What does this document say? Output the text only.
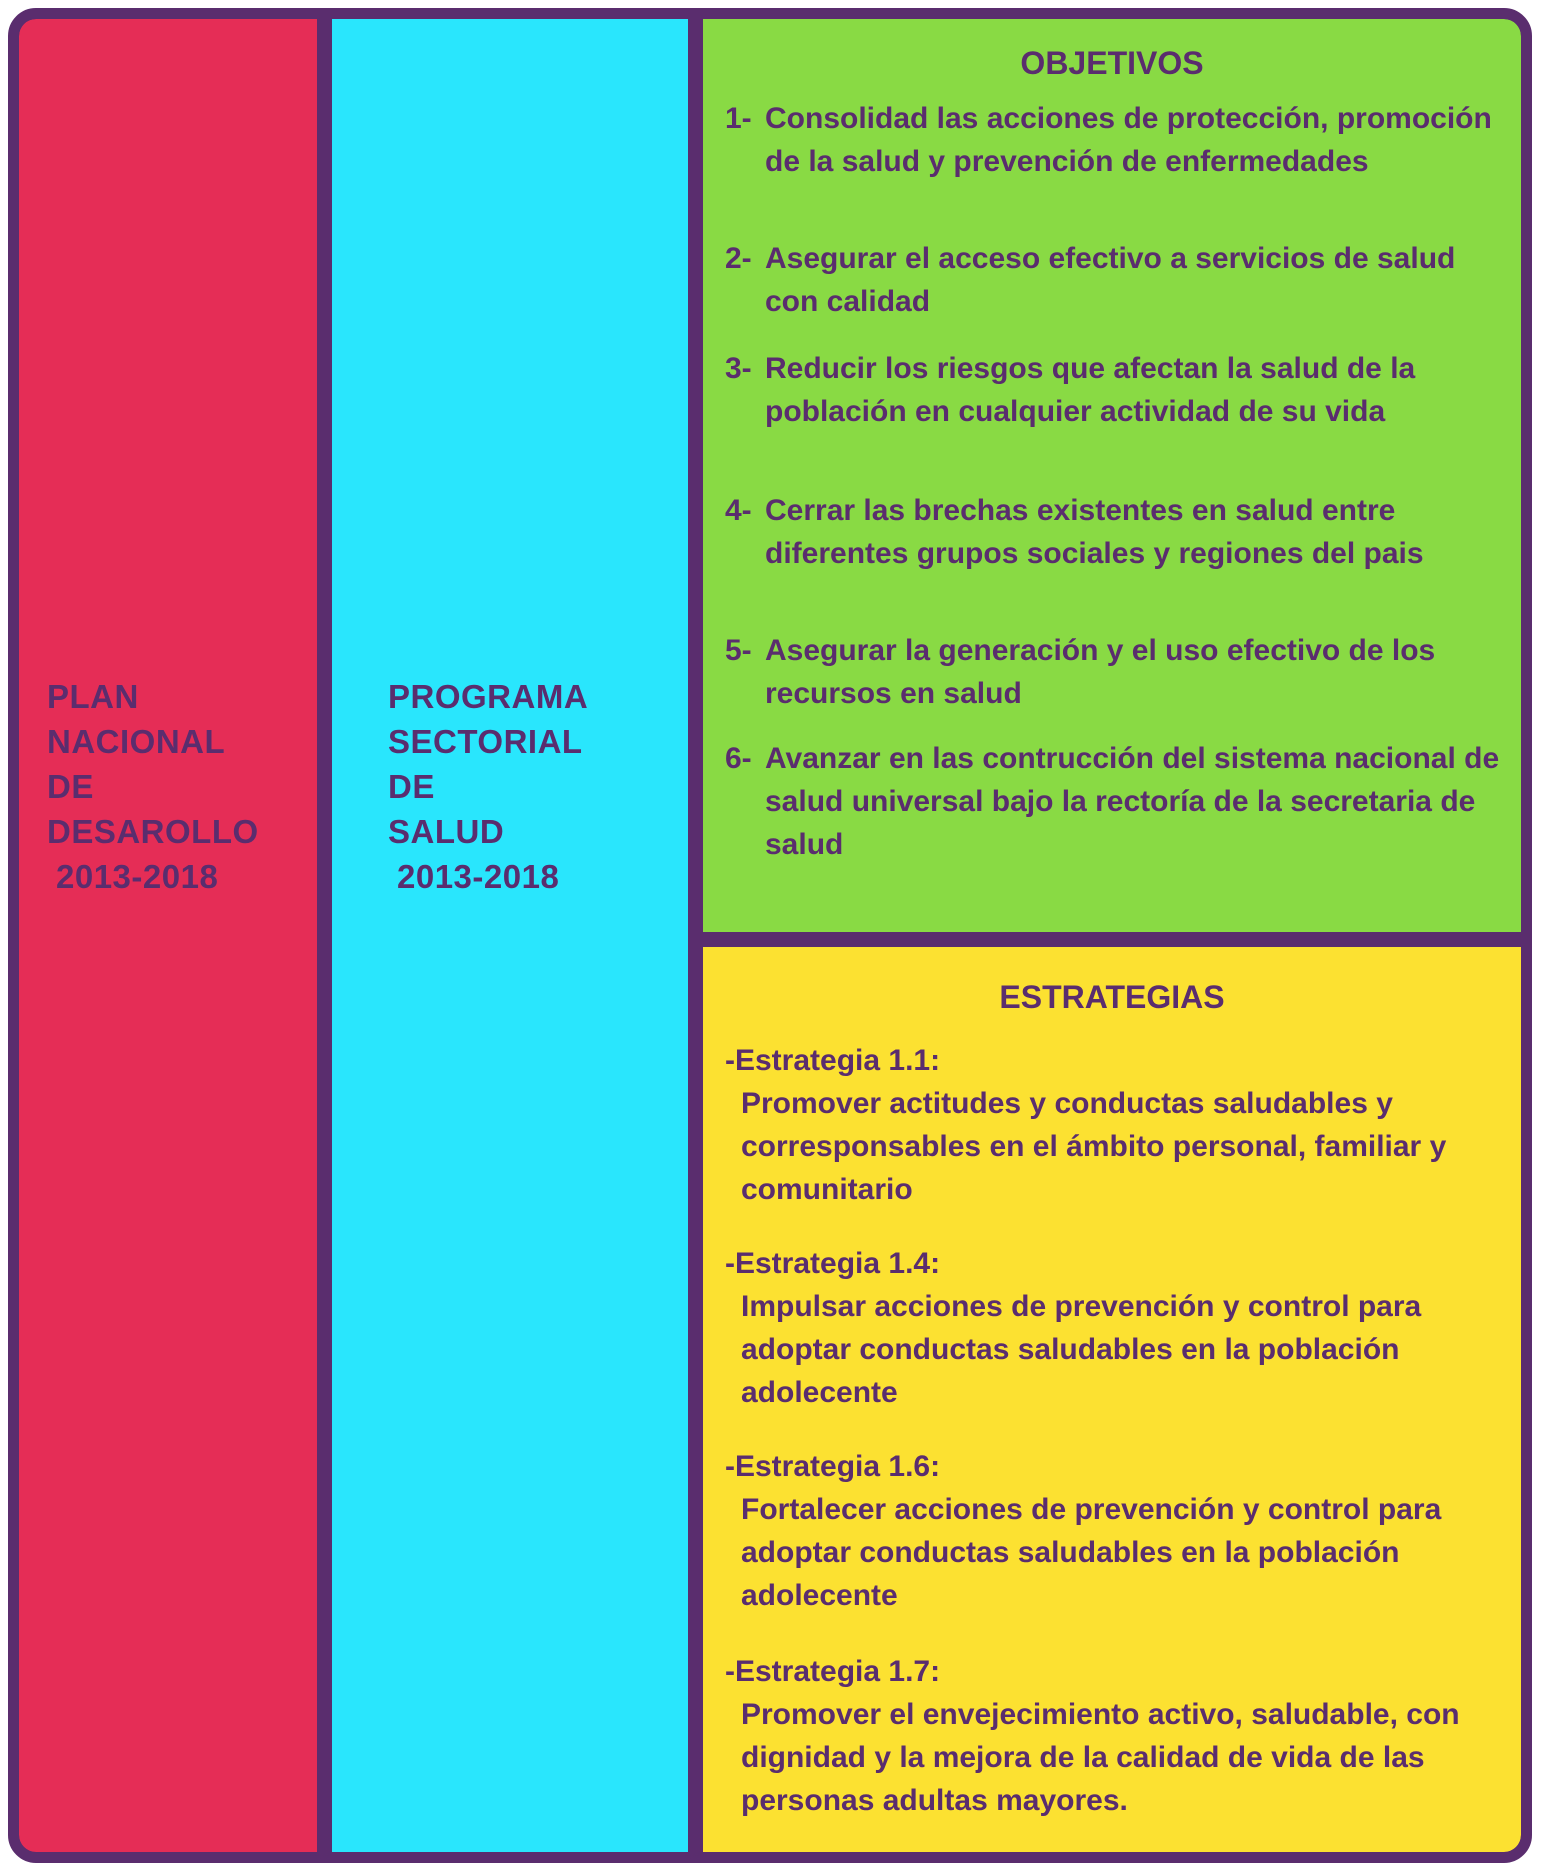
PLAN
NACIONAL
DE
DESAROLLO
2013-2018
PROGRAMA
SECTORIAL
DE
SALUD
2013-2018
OBJETIVOS
1- Consolidad las acciones de protección, promoción de la salud y prevención de enfermedades
2- Asegurar el acceso efectivo a servicios de salud con calidad
3- Reducir los riesgos que afectan la salud de la población en cualquier actividad de su vida
4- Cerrar las brechas existentes en salud entre diferentes grupos sociales y regiones del pais
5- Asegurar la generación y el uso efectivo de los recursos en salud
6- Avanzar en las contrucción del sistema nacional de salud universal bajo la rectoría de la secretaria de salud
ESTRATEGIAS
-Estrategia 1.1:
Promover actitudes y conductas saludables y corresponsables en el ámbito personal, familiar y comunitario
-Estrategia 1.4:
Impulsar acciones de prevención y control para adoptar conductas saludables en la población adolecente
-Estrategia 1.6:
Fortalecer acciones de prevención y control para adoptar conductas saludables en la población adolecente
-Estrategia 1.7:
Promover el envejecimiento activo, saludable, con dignidad y la mejora de la calidad de vida de las personas adultas mayores.
